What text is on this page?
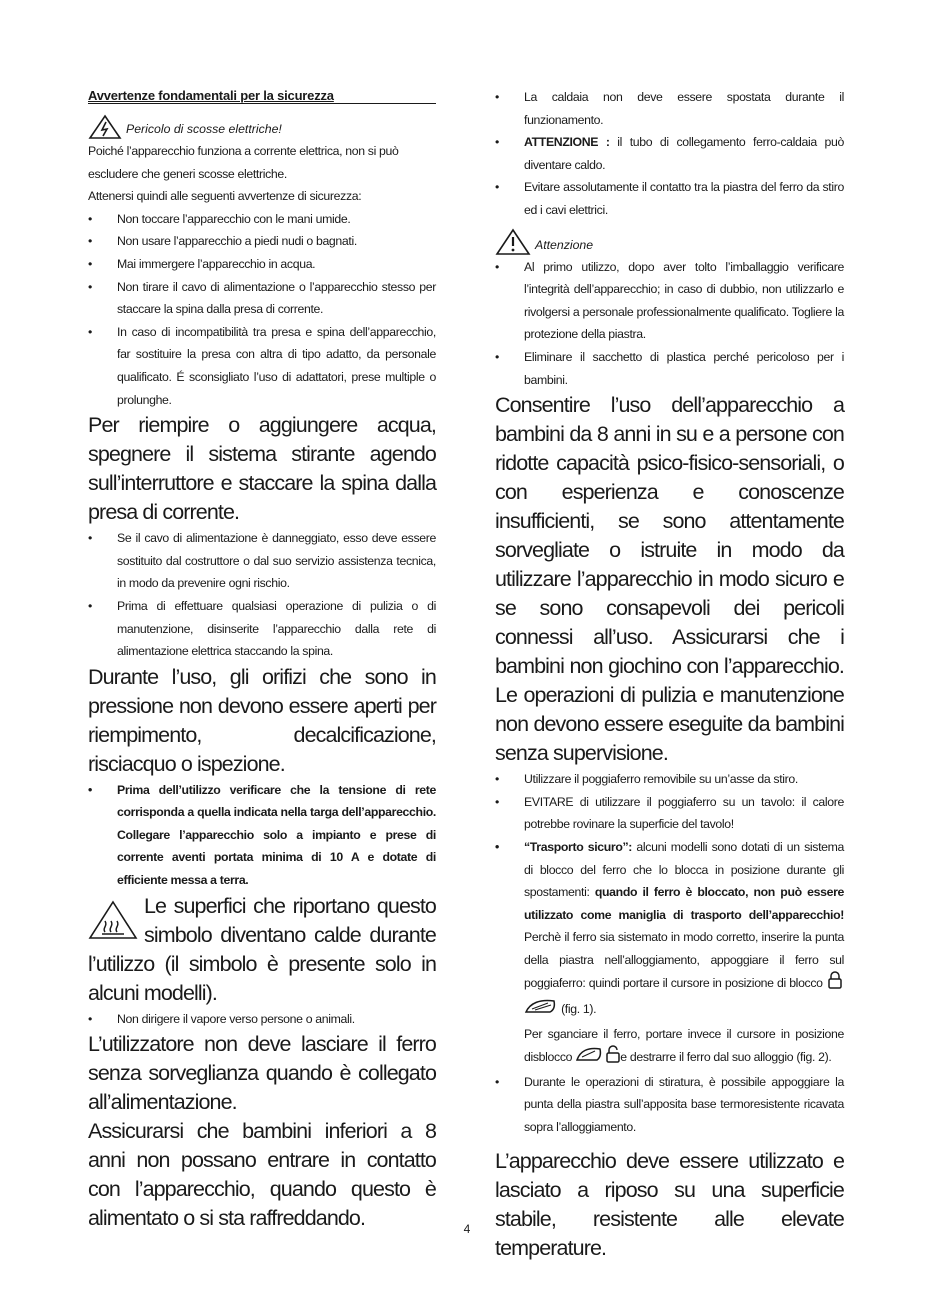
Avvertenze fondamentali per la sicurezza
Pericolo di scosse elettriche!

Poiché l’apparecchio funziona a corrente elettrica, non si può escludere che generi scosse elettriche.

Attenersi quindi alle seguenti avvertenze di sicurezza:

• Non toccare l’apparecchio con le mani umide.
• Non usare l’apparecchio a piedi nudi o bagnati.
• Mai immergere l’apparecchio in acqua.
• Non tirare il cavo di alimentazione o l’apparecchio stesso per staccare la spina dalla presa di corrente.
• In caso di incompatibilità tra presa e spina dell’apparecchio, far sostituire la presa con altra di tipo adatto, da personale qualificato. É sconsigliato l’uso di adattatori, prese multiple o prolunghe.

Per riempire o aggiungere acqua, spegnere il sistema stirante agendo sull’interruttore e staccare la spina dalla presa di corrente.

• Se il cavo di alimentazione è danneggiato, esso deve essere sostituito dal costruttore o dal suo servizio assistenza tecnica, in modo da prevenire ogni rischio.
• Prima di effettuare qualsiasi operazione di pulizia o di manutenzione, disinserite l’apparecchio dalla rete di alimentazione elettrica staccando la spina.

Durante l’uso, gli orifizi che sono in pressione non devono essere aperti per riempimento, decalcificazione, risciacquo o ispezione.

• Prima dell’utilizzo verificare che la tensione di rete corrisponda a quella indicata nella targa dell’apparecchio. Collegare l’apparecchio solo a impianto e prese di corrente aventi portata minima di 10 A e dotate di efficiente messa a terra.

Le superfici che riportano questo simbolo diventano calde durante l’utilizzo (il simbolo è presente solo in alcuni modelli).

• Non dirigere il vapore verso persone o animali.

L’utilizzatore non deve lasciare il ferro senza sorveglianza quando è collegato all’alimentazione.

Assicurarsi che bambini inferiori a 8 anni non possano entrare in contatto con l’apparecchio, quando questo è alimentato o si sta raffreddando.

• La caldaia non deve essere spostata durante il funzionamento.
• ATTENZIONE : il tubo di collegamento ferro-caldaia può diventare caldo.
• Evitare assolutamente il contatto tra la piastra del ferro da stiro ed i cavi elettrici.
Attenzione
• Al primo utilizzo, dopo aver tolto l’imballaggio verificare l’integrità dell’apparecchio; in caso di dubbio, non utilizzarlo e rivolgersi a personale professionalmente qualificato. Togliere la protezione della piastra.
• Eliminare il sacchetto di plastica perché pericoloso per i bambini.

Consentire l’uso dell’apparecchio a bambini da 8 anni in su e a persone con ridotte capacità psico-fisico-sensoriali, o con esperienza e conoscenze insufficienti, se sono attentamente sorvegliate o istruite in modo da utilizzare l’apparecchio in modo sicuro e se sono consapevoli dei pericoli connessi all’uso. Assicurarsi che i bambini non giochino con l’apparecchio. Le operazioni di pulizia e manutenzione non devono essere eseguite da bambini senza supervisione.

• Utilizzare il poggiaferro removibile su un’asse da stiro.
• EVITARE di utilizzare il poggiaferro su un tavolo: il calore potrebbe rovinare la superficie del tavolo!
• “Trasporto sicuro”: alcuni modelli sono dotati di un sistema di blocco del ferro che lo blocca in posizione durante gli spostamenti: quando il ferro è bloccato, non può essere utilizzato come maniglia di trasporto dell’apparecchio! Perchè il ferro sia sistemato in modo corretto, inserire la punta della piastra nell’alloggiamento, appoggiare il ferro sul poggiaferro: quindi portare il cursore in posizione di blocco   (fig. 1).
Per sganciare il ferro, portare invece il cursore in posizione disblocco	e destrarre il ferro dal suo alloggio (fig. 2).
• Durante le operazioni di stiratura, è possibile appoggiare la punta della piastra sull’apposita base termoresistente ricavata sopra l’alloggiamento.

L’apparecchio deve essere utilizzato e lasciato a riposo su una superficie stabile, resistente alle elevate temperature.

4
